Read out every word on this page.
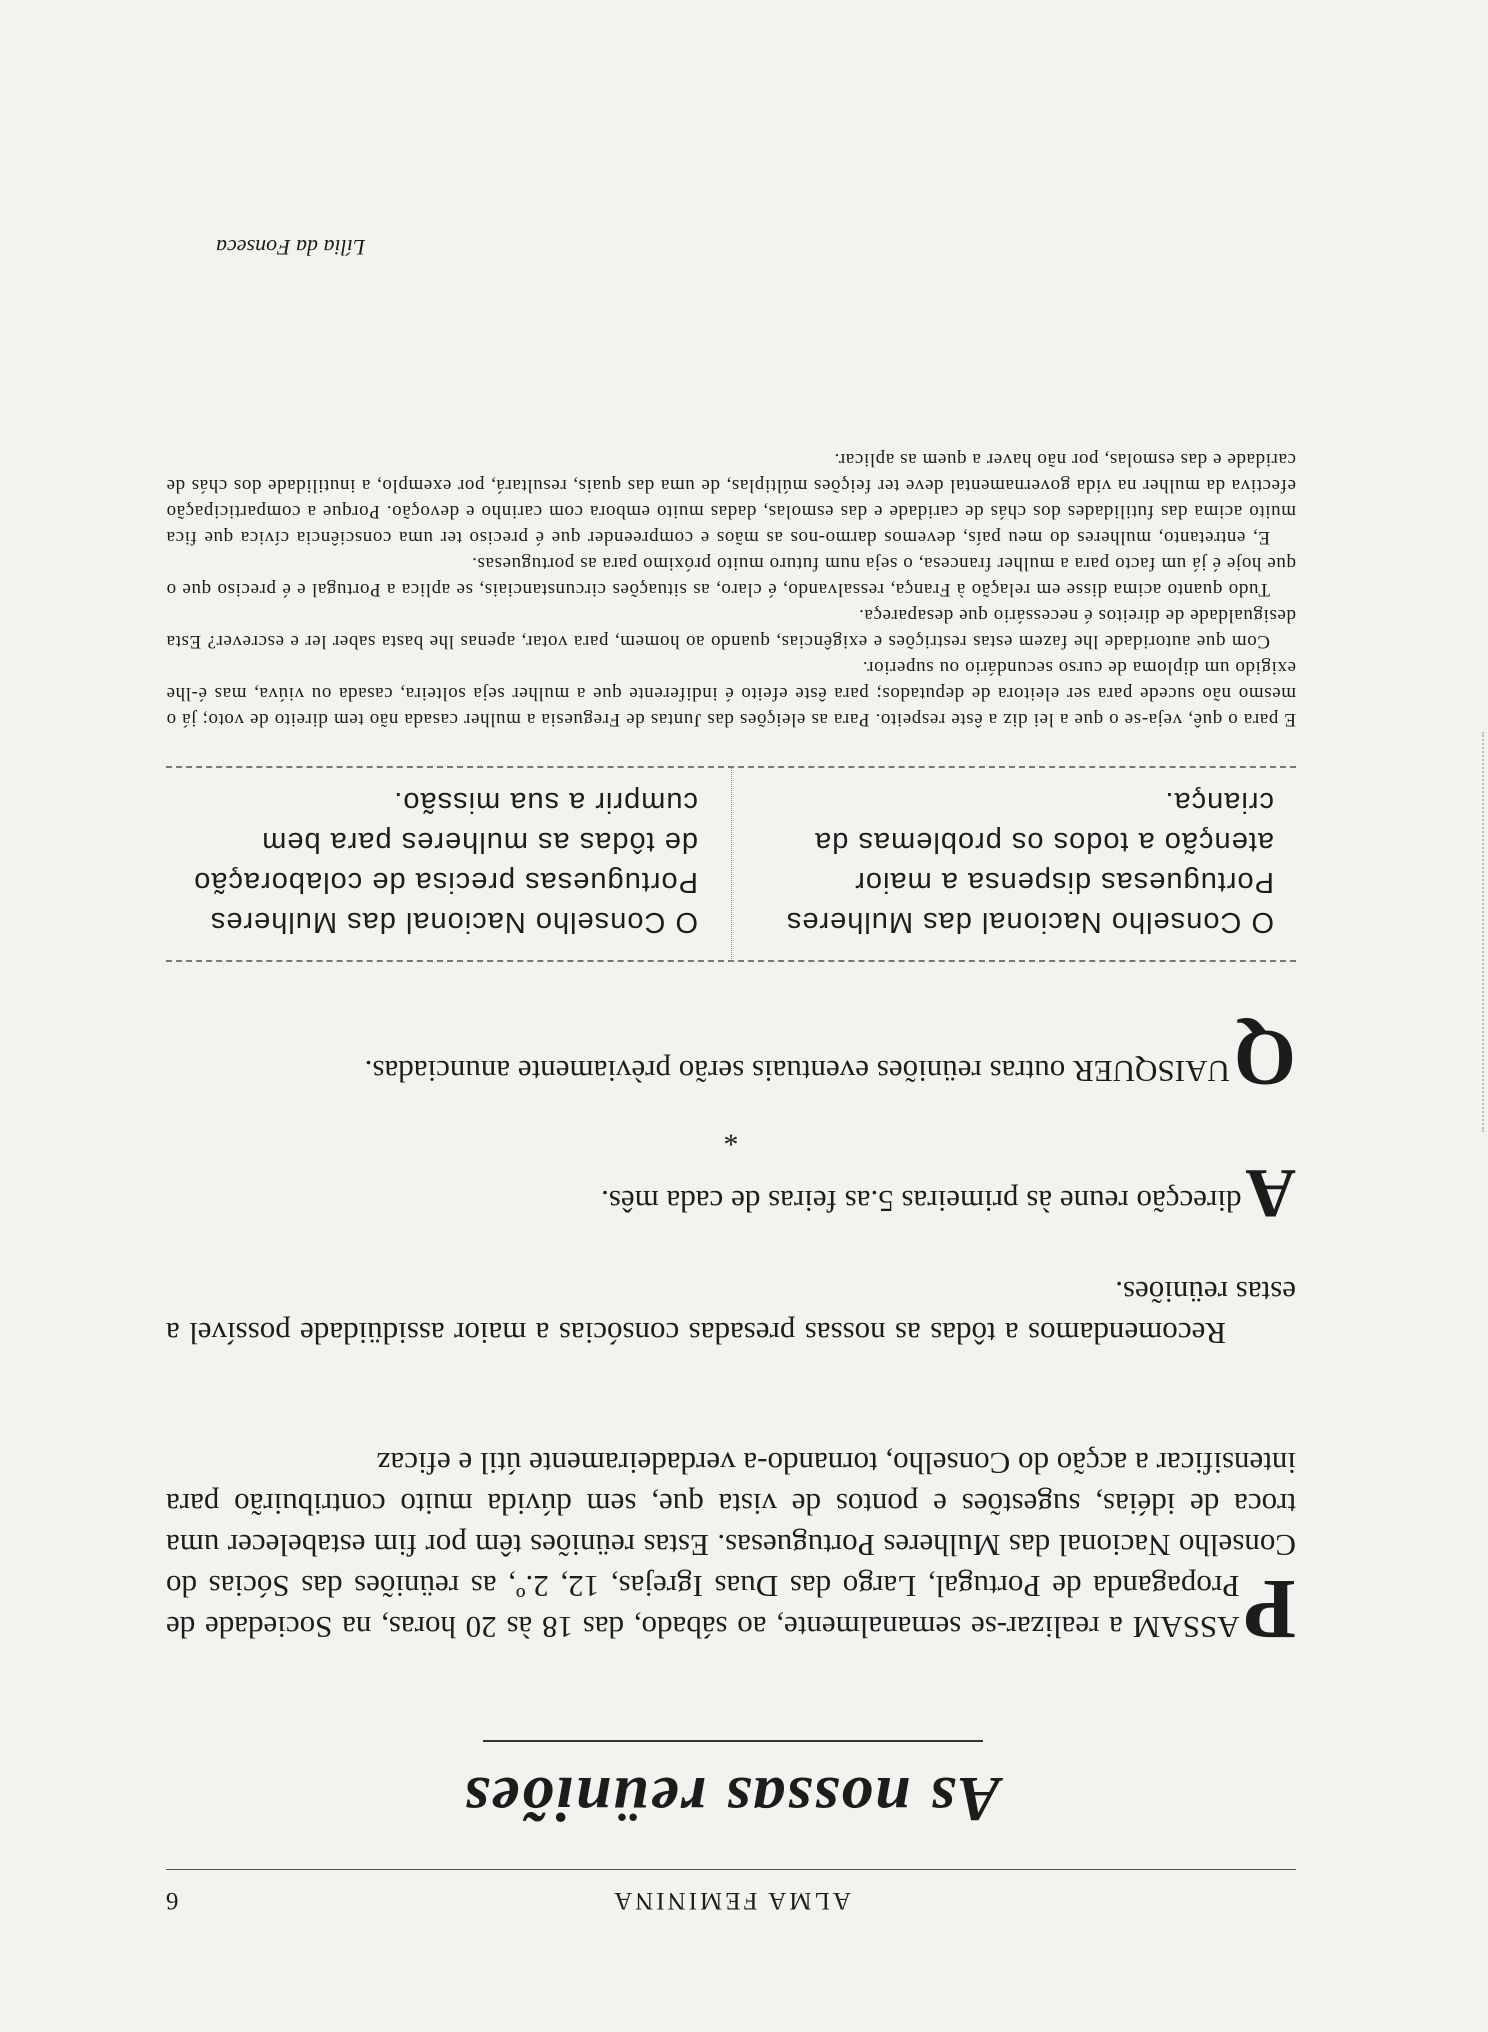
ALMA FEMININA
6
As nossas reüniões
P
ASSAM a realizar-se semanalmente, ao sábado, das 18 às 20 horas, na Sociedade de Propaganda de Portugal, Largo das Duas Igrejas, 12, 2.º, as reüniões das Sócias do Conselho Nacional das Mulheres Portuguesas. Estas reüniões têm por fim estabelecer uma troca de idéias, sugestões e pontos de vista que, sem dúvida muito contribuirão para intensificar a acção do Conselho, tornando-a verdadeiramente útil e eficaz
Recomendamos a tôdas as nossas presadas consócias a maior assidüidade possível a estas reüniões.
A
direcção reune às primeiras 5.as feiras de cada mês.
*
Q
UAISQUER outras reüniões eventuais serão prèviamente anunciadas.
O Conselho Nacional das Mulheres Portuguesas dispensa a maior atenção a todos os problemas da criança.
O Conselho Nacional das Mulheres Portuguesas precisa de colaboração de tôdas as mulheres para bem cumprir a sua missão.

E para o quê, veja-se o que a lei diz a êste respeito. Para as eleições das Juntas de Freguesia a mulher casada não tem direito de voto; já o mesmo não sucede para ser eleitora de deputados; para êste efeito é indiferente que a mulher seja solteira, casada ou viúva, mas é-lhe exigido um diploma de curso secundário ou superior.

Com que autoridade lhe fazem estas restrições e exigências, quando ao homem, para votar, apenas lhe basta saber ler e escrever? Esta desigualdade de direitos é necessário que desapareça.

Tudo quanto acima disse em relação à França, ressalvando, é claro, as situações circunstanciais, se aplica a Portugal e é preciso que o que hoje é já um facto para a mulher francesa, o seja num futuro muito próximo para as portuguesas.

E, entretanto, mulheres do meu país, devemos darmo-nos as mãos e compreender que é preciso ter uma consciência cívica que fica muito acima das futilidades dos chás de caridade e das esmolas, dadas muito embora com carinho e devoção. Porque a comparticipação efectiva da mulher na vida governamental deve ter feições múltiplas, de uma das quais, resultará, por exemplo, a inutilidade dos chás de caridade e das esmolas, por não haver a quem as aplicar.

Lília da Fonseca
